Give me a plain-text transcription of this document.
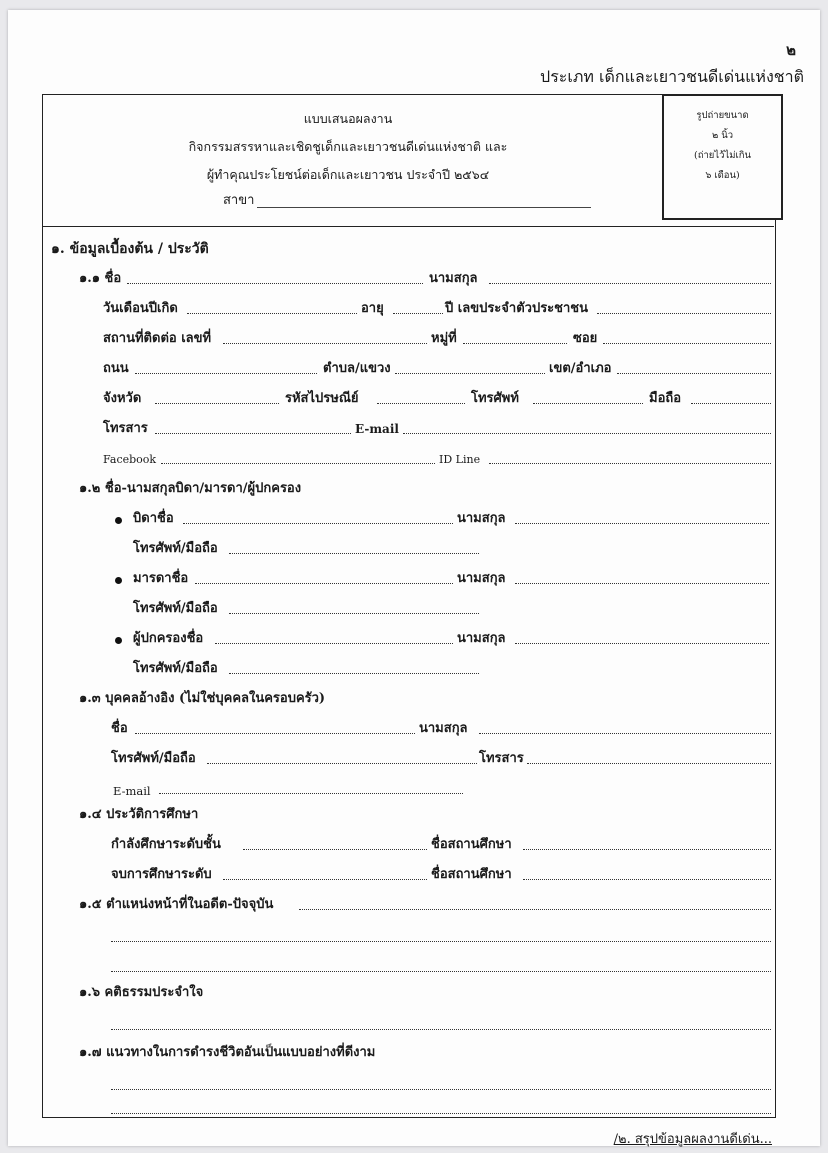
๒
ประเภท เด็กและเยาวชนดีเด่นแห่งชาติ
แบบเสนอผลงาน
กิจกรรมสรรหาและเชิดชูเด็กและเยาวชนดีเด่นแห่งชาติ และ
ผู้ทำคุณประโยชน์ต่อเด็กและเยาวชน ประจำปี ๒๕๖๔
สาขา
รูปถ่ายขนาด
๒ นิ้ว
(ถ่ายไว้ไม่เกิน
๖ เดือน)
๑. ข้อมูลเบื้องต้น / ประวัติ
๑.๑ ชื่อ	นามสกุล
วันเดือนปีเกิด	อายุ	ปี เลขประจำตัวประชาชน
สถานที่ติดต่อ เลขที่	หมู่ที่	ซอย
ถนน	ตำบล/แขวง	เขต/อำเภอ
จังหวัด	รหัสไปรษณีย์	โทรศัพท์	มือถือ
โทรสาร	E-mail
Facebook	ID Line
๑.๒ ชื่อ-นามสกุลบิดา/มารดา/ผู้ปกครอง
บิดาชื่อ	นามสกุล
โทรศัพท์/มือถือ
มารดาชื่อ	นามสกุล
โทรศัพท์/มือถือ
ผู้ปกครองชื่อ	นามสกุล
โทรศัพท์/มือถือ
๑.๓ บุคคลอ้างอิง (ไม่ใช่บุคคลในครอบครัว)
ชื่อ	นามสกุล
โทรศัพท์/มือถือ	โทรสาร
E-mail
๑.๔ ประวัติการศึกษา
กำลังศึกษาระดับชั้น	ชื่อสถานศึกษา
จบการศึกษาระดับ	ชื่อสถานศึกษา
๑.๕ ตำแหน่งหน้าที่ในอดีต-ปัจจุบัน
๑.๖ คติธรรมประจำใจ
๑.๗ แนวทางในการดำรงชีวิตอันเป็นแบบอย่างที่ดีงาม
/๒. สรุปข้อมูลผลงานดีเด่น...
